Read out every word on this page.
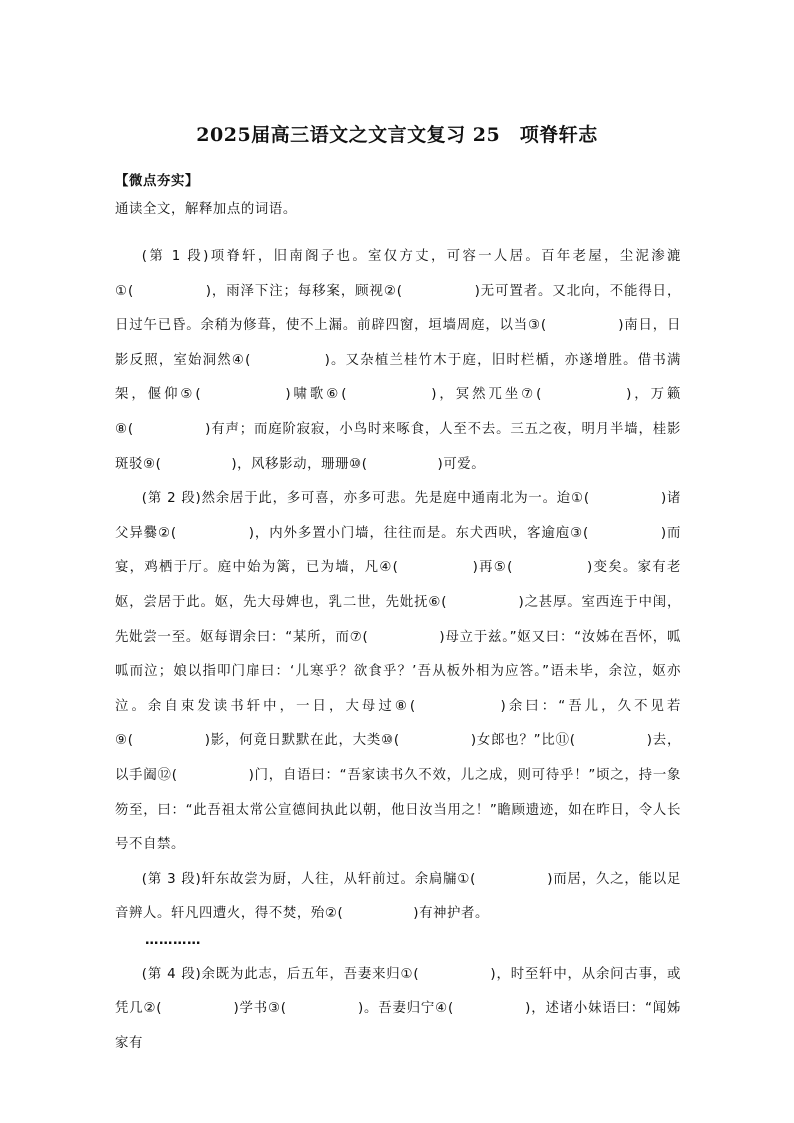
2025届高三语文之文言文复习 25　项脊轩志
【微点夯实】
通读全文，解释加点的词语。

(第 1 段)项脊轩，旧南阁子也。室仅方丈，可容一人居。百年老屋，尘泥渗漉①(　　　　　)，雨泽下注；每移案，顾视②(　　　　　)无可置者。又北向，不能得日，日过午已昏。余稍为修葺，使不上漏。前辟四窗，垣墙周庭，以当③(　　　　　)南日，日影反照，室始洞然④(　　　　　)。又杂植兰桂竹木于庭，旧时栏楯，亦遂增胜。借书满架，偃仰⑤(　　　　　)啸歌⑥(　　　　　)，冥然兀坐⑦(　　　　　)，万籁⑧(　　　　　)有声；而庭阶寂寂，小鸟时来啄食，人至不去。三五之夜，明月半墙，桂影斑驳⑨(　　　　　)，风移影动，珊珊⑩(　　　　　)可爱。

(第 2 段)然余居于此，多可喜，亦多可悲。先是庭中通南北为一。迨①(　　　　　)诸父异爨②(　　　　　)，内外多置小门墙，往往而是。东犬西吠，客逾庖③(　　　　　)而宴，鸡栖于厅。庭中始为篱，已为墙，凡④(　　　　　)再⑤(　　　　　)变矣。家有老妪，尝居于此。妪，先大母婢也，乳二世，先妣抚⑥(　　　　　)之甚厚。室西连于中闺，先妣尝一至。妪每谓余曰：“某所，而⑦(　　　　　)母立于兹。”妪又曰：“汝姊在吾怀，呱呱而泣；娘以指叩门扉曰：‘儿寒乎？欲食乎？’吾从板外相为应答。”语未毕，余泣，妪亦泣。余自束发读书轩中，一日，大母过⑧(　　　　　)余曰：“吾儿，久不见若⑨(　　　　　)影，何竟日默默在此，大类⑩(　　　　　)女郎也？”比⑪(　　　　　)去，以手阖⑫(　　　　　)门，自语曰：“吾家读书久不效，儿之成，则可待乎！”顷之，持一象笏至，曰：“此吾祖太常公宣德间执此以朝，他日汝当用之！”瞻顾遗迹，如在昨日，令人长号不自禁。

(第 3 段)轩东故尝为厨，人往，从轩前过。余扃牖①(　　　　　)而居，久之，能以足音辨人。轩凡四遭火，得不焚，殆②(　　　　　)有神护者。

…………

(第 4 段)余既为此志，后五年，吾妻来归①(　　　　　)，时至轩中，从余问古事，或凭几②(　　　　　)学书③(　　　　　)。吾妻归宁④(　　　　　)，述诸小妹语曰：“闻姊家有
